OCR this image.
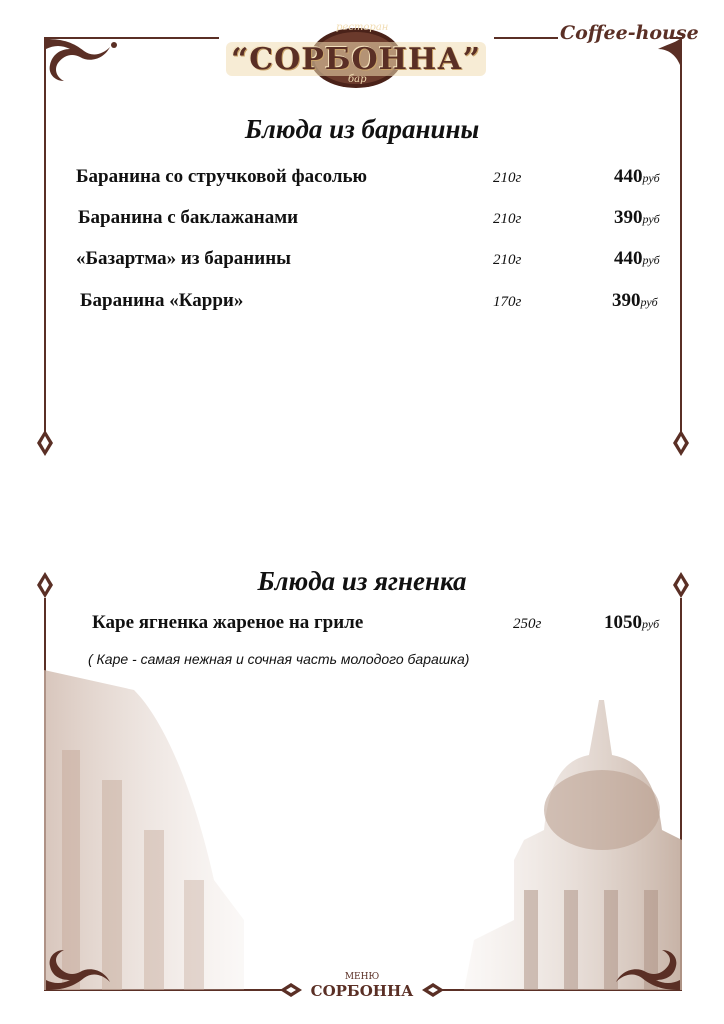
ресторан
“СОРБОННА”
бар
Coffee-house
Блюда из баранины
Баранина со стручковой фасолью	210г	440руб
Баранина с баклажанами	210г	390руб
«Базартма» из баранины	210г	440руб
Баранина «Карри»	170г	390руб
Блюда из ягненка
Каре ягненка жареное на гриле	250г	1050руб
( Каре - самая нежная и сочная часть молодого барашка)
МЕНЮ
СОРБОННА
